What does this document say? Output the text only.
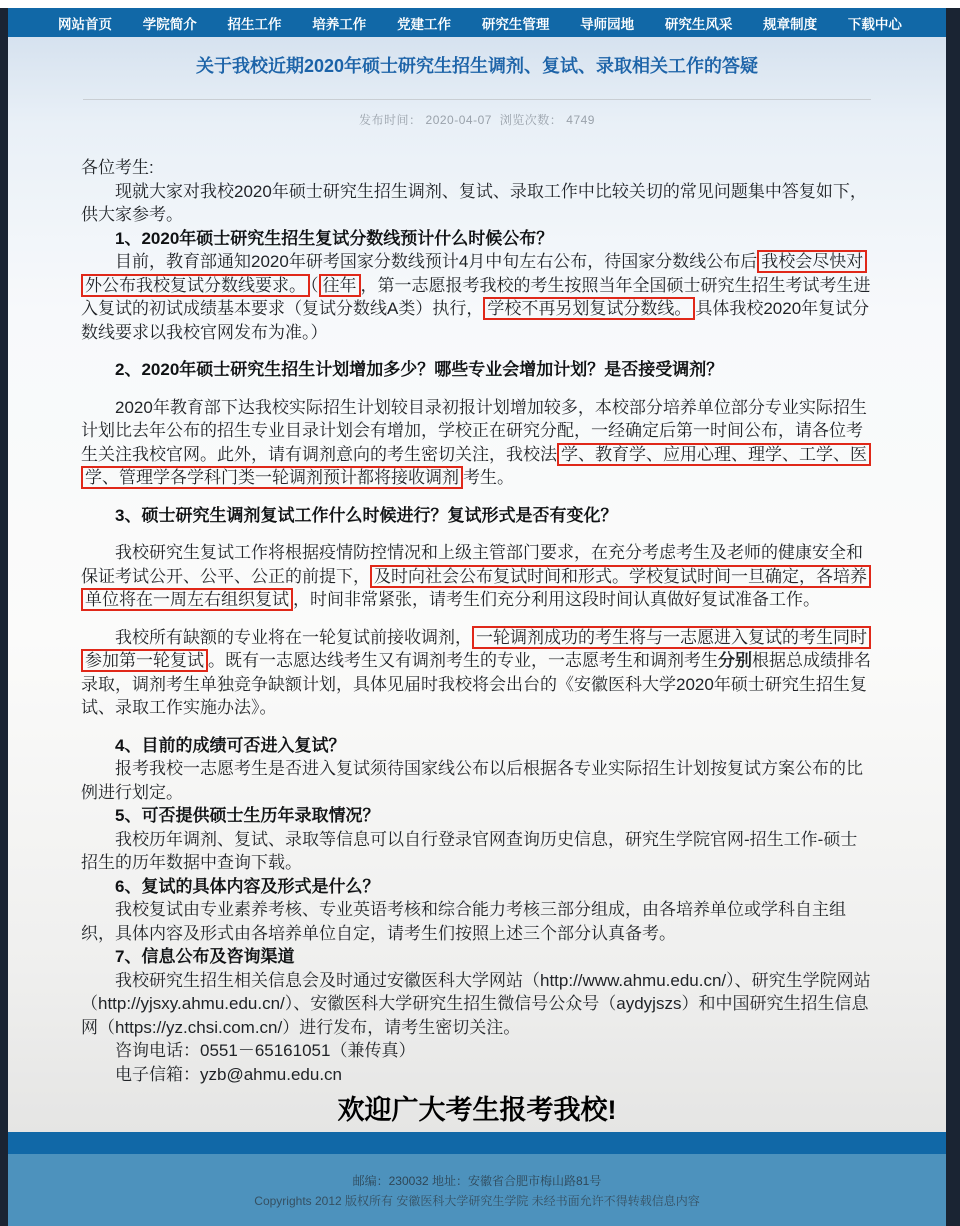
网站首页 学院简介 招生工作 培养工作 党建工作 研究生管理 导师园地 研究生风采 规章制度 下载中心
关于我校近期2020年硕士研究生招生调剂、复试、录取相关工作的答疑
发布时间： 2020-04-07 浏览次数： 4749

各位考生:

现就大家对我校2020年硕士研究生招生调剂、复试、录取工作中比较关切的常见问题集中答复如下，供大家参考。

1、2020年硕士研究生招生复试分数线预计什么时候公布？

目前，教育部通知2020年研考国家分数线预计4月中旬左右公布，待国家分数线公布后 我校会尽快对外公布我校复试分数线要求。 （ 往年 ，第一志愿报考我校的考生按照当年全国硕士研究生招生考试考生进入复试的初试成绩基本要求（复试分数线A类）执行， 学校不再另划复试分数线。 具体我校2020年复试分数线要求以我校官网发布为准。）

2、2020年硕士研究生招生计划增加多少？哪些专业会增加计划？是否接受调剂？

2020年教育部下达我校实际招生计划较目录初报计划增加较多，本校部分培养单位部分专业实际招生计划比去年公布的招生专业目录计划会有增加，学校正在研究分配，一经确定后第一时间公布，请各位考生关注我校官网。此外，请有调剂意向的考生密切关注，我校法 学、教育学、应用心理、理学、工学、医学、管理学各学科门类一轮调剂预计都将接收调剂 考生。

3、硕士研究生调剂复试工作什么时候进行？复试形式是否有变化？

我校研究生复试工作将根据疫情防控情况和上级主管部门要求，在充分考虑考生及老师的健康安全和保证考试公开、公平、公正的前提下， 及时向社会公布复试时间和形式。学校复试时间一旦确定，各培养单位将在一周左右组织复试 ，时间非常紧张，请考生们充分利用这段时间认真做好复试准备工作。

我校所有缺额的专业将在一轮复试前接收调剂， 一轮调剂成功的考生将与一志愿进入复试的考生同时参加第一轮复试 。既有一志愿达线考生又有调剂考生的专业，一志愿考生和调剂考生分别根据总成绩排名录取，调剂考生单独竞争缺额计划，具体见届时我校将会出台的《安徽医科大学2020年硕士研究生招生复试、录取工作实施办法》。

4、目前的成绩可否进入复试？

报考我校一志愿考生是否进入复试须待国家线公布以后根据各专业实际招生计划按复试方案公布的比例进行划定。

5、可否提供硕士生历年录取情况？

我校历年调剂、复试、录取等信息可以自行登录官网查询历史信息，研究生学院官网-招生工作-硕士招生的历年数据中查询下载。

6、复试的具体内容及形式是什么？

我校复试由专业素养考核、专业英语考核和综合能力考核三部分组成，由各培养单位或学科自主组织，具体内容及形式由各培养单位自定，请考生们按照上述三个部分认真备考。

7、信息公布及咨询渠道

我校研究生招生相关信息会及时通过安徽医科大学网站（http://www.ahmu.edu.cn/）、研究生学院网站（http://yjsxy.ahmu.edu.cn/）、安徽医科大学研究生招生微信号公众号（aydyjszs）和中国研究生招生信息网（https://yz.chsi.com.cn/）进行发布，请考生密切关注。

咨询电话：0551－65161051（兼传真）

电子信箱：yzb@ahmu.edu.cn

欢迎广大考生报考我校!

邮编：230032 地址：安徽省合肥市梅山路81号
Copyrights 2012 版权所有 安徽医科大学研究生学院 未经书面允许不得转载信息内容
